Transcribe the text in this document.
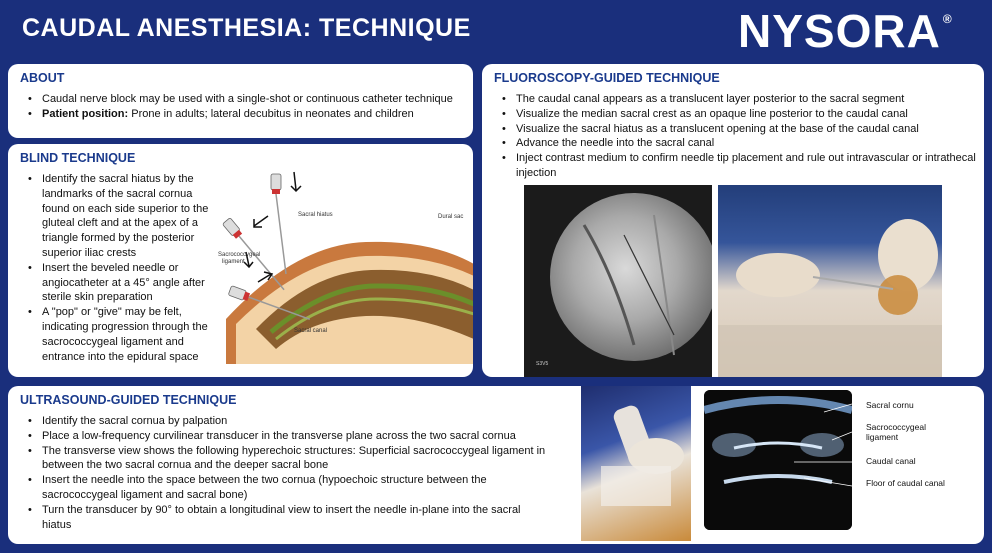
CAUDAL ANESTHESIA: TECHNIQUE	NYSORA ®
ABOUT
• Caudal nerve block may be used with a single-shot or continuous catheter technique
• Patient position: Prone in adults; lateral decubitus in neonates and children
BLIND TECHNIQUE
• Identify the sacral hiatus by the landmarks of the sacral cornua found on each side superior to the gluteal cleft and at the apex of a triangle formed by the posterior superior iliac crests
• Insert the beveled needle or angiocatheter at a 45° angle after sterile skin preparation
• A "pop" or "give" may be felt, indicating progression through the sacrococcygeal ligament and entrance into the epidural space
Sacral hiatus	Dural sac
Sacrococcygeal
ligament
Sacral canal
FLUOROSCOPY-GUIDED TECHNIQUE
• The caudal canal appears as a translucent layer posterior to the sacral segment
• Visualize the median sacral crest as an opaque line posterior to the caudal canal
• Visualize the sacral hiatus as a translucent opening at the base of the caudal canal
• Advance the needle into the sacral canal
• Inject contrast medium to confirm needle tip placement and rule out intravascular or intrathecal injection
S3V5
ULTRASOUND-GUIDED TECHNIQUE
• Identify the sacral cornua by palpation
• Place a low-frequency curvilinear transducer in the transverse plane across the two sacral cornua
• The transverse view shows the following hyperechoic structures: Superficial sacrococcygeal ligament in between the two sacral cornua and the deeper sacral bone
• Insert the needle into the space between the two cornua (hypoechoic structure between the sacrococcygeal ligament and sacral bone)
• Turn the transducer by 90° to obtain a longitudinal view to insert the needle in-plane into the sacral hiatus
Sacral cornu
Sacrococcygeal
ligament
Caudal canal
Floor of caudal canal
